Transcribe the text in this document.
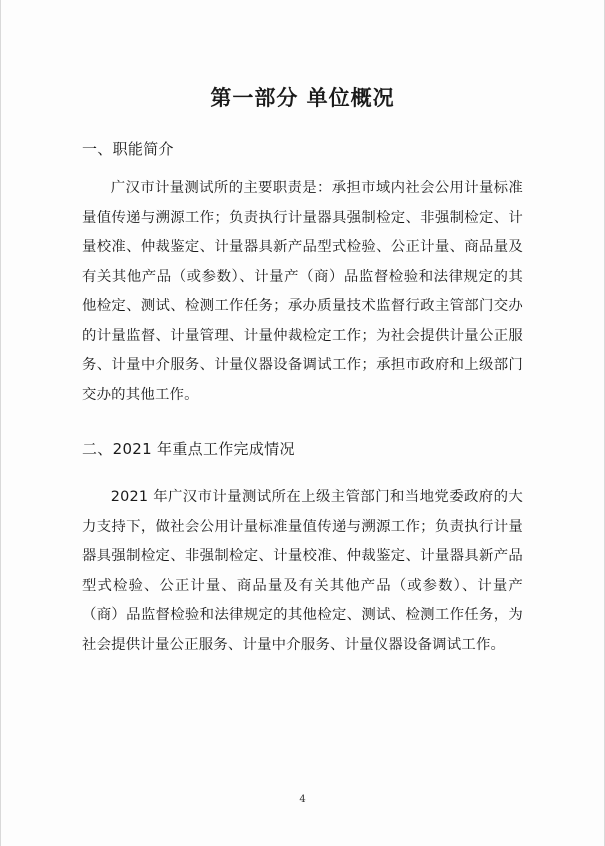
第一部分 单位概况
一、职能简介

广汉市计量测试所的主要职责是：承担市域内社会公用计量标准量值传递与溯源工作；负责执行计量器具强制检定、非强制检定、计量校准、仲裁鉴定、计量器具新产品型式检验、公正计量、商品量及有关其他产品（或参数）、计量产（商）品监督检验和法律规定的其他检定、测试、检测工作任务；承办质量技术监督行政主管部门交办的计量监督、计量管理、计量仲裁检定工作；为社会提供计量公正服务、计量中介服务、计量仪器设备调试工作；承担市政府和上级部门交办的其他工作。

二、2021 年重点工作完成情况

2021 年广汉市计量测试所在上级主管部门和当地党委政府的大力支持下，做社会公用计量标准量值传递与溯源工作；负责执行计量器具强制检定、非强制检定、计量校准、仲裁鉴定、计量器具新产品型式检验、公正计量、商品量及有关其他产品（或参数）、计量产（商）品监督检验和法律规定的其他检定、测试、检测工作任务，为社会提供计量公正服务、计量中介服务、计量仪器设备调试工作。

4
